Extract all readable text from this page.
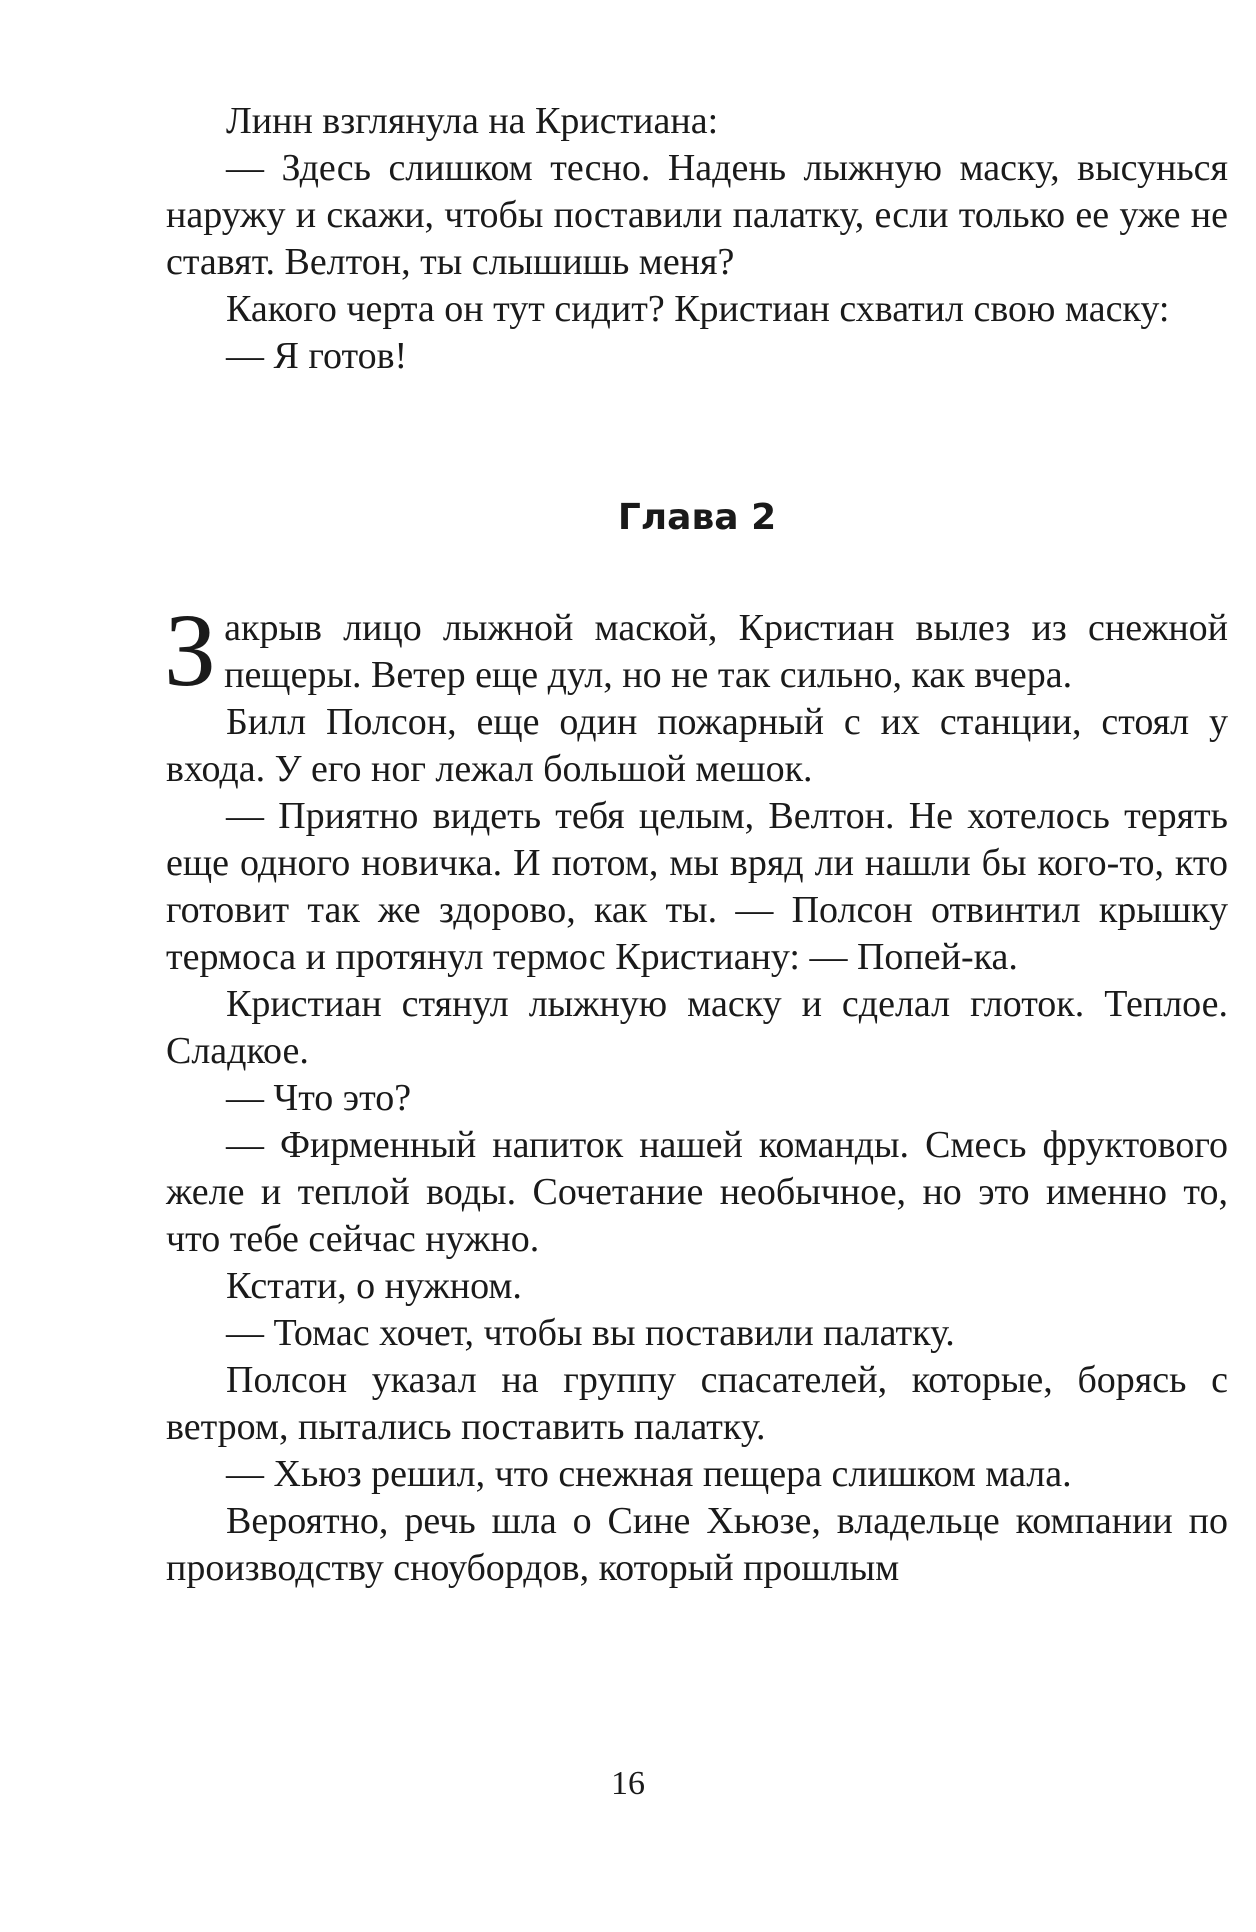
Линн взглянула на Кристиана:

— Здесь слишком тесно. Надень лыжную маску, высунься наружу и скажи, чтобы поставили палатку, если только ее уже не ставят. Велтон, ты слышишь меня?

Какого черта он тут сидит? Кристиан схватил свою маску:

— Я готов!

Глава 2

Закрыв лицо лыжной маской, Кристиан вылез из снежной пещеры. Ветер еще дул, но не так сильно, как вчера.

Билл Полсон, еще один пожарный с их станции, стоял у входа. У его ног лежал большой мешок.

— Приятно видеть тебя целым, Велтон. Не хотелось терять еще одного новичка. И потом, мы вряд ли нашли бы кого-то, кто готовит так же здорово, как ты. — Полсон отвинтил крышку термоса и протянул термос Кристиану: — Попей-ка.

Кристиан стянул лыжную маску и сделал глоток. Теплое. Сладкое.

— Что это?

— Фирменный напиток нашей команды. Смесь фруктового желе и теплой воды. Сочетание необычное, но это именно то, что тебе сейчас нужно.

Кстати, о нужном.

— Томас хочет, чтобы вы поставили палатку.

Полсон указал на группу спасателей, которые, борясь с ветром, пытались поставить палатку.

— Хьюз решил, что снежная пещера слишком мала.

Вероятно, речь шла о Сине Хьюзе, владельце компании по производству сноубордов, который прошлым

16
